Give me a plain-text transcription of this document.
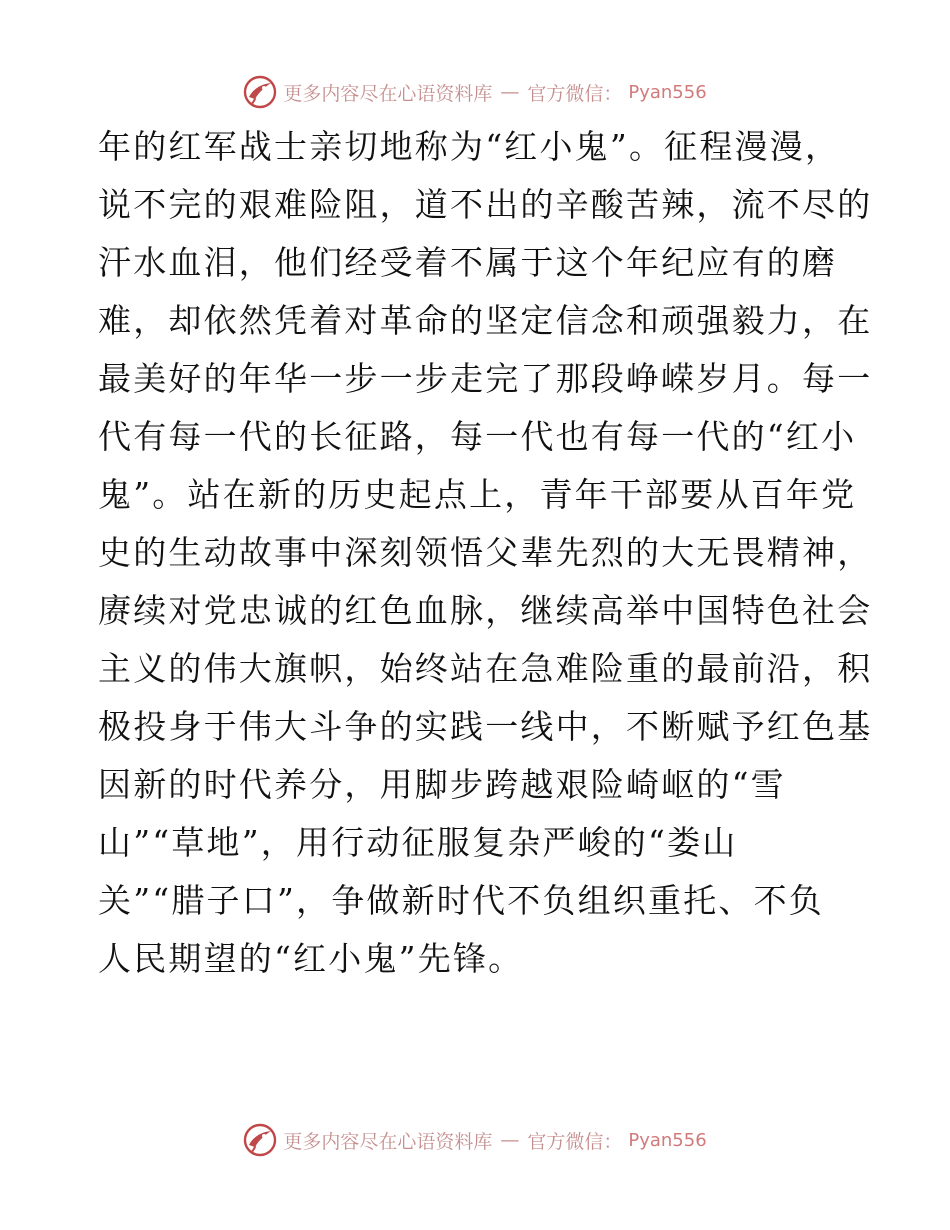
更多内容尽在心语资料库 — 官方微信： Pyan556
年的红军战士亲切地称为“红小鬼”。征程漫漫，
说不完的艰难险阻，道不出的辛酸苦辣，流不尽的
汗水血泪，他们经受着不属于这个年纪应有的磨
难，却依然凭着对革命的坚定信念和顽强毅力，在
最美好的年华一步一步走完了那段峥嵘岁月。每一
代有每一代的长征路，每一代也有每一代的“红小
鬼”。站在新的历史起点上，青年干部要从百年党
史的生动故事中深刻领悟父辈先烈的大无畏精神，
赓续对党忠诚的红色血脉，继续高举中国特色社会
主义的伟大旗帜，始终站在急难险重的最前沿，积
极投身于伟大斗争的实践一线中，不断赋予红色基
因新的时代养分，用脚步跨越艰险崎岖的“雪
山”“草地”，用行动征服复杂严峻的“娄山
关”“腊子口”，争做新时代不负组织重托、不负
人民期望的“红小鬼”先锋。
更多内容尽在心语资料库 — 官方微信： Pyan556
